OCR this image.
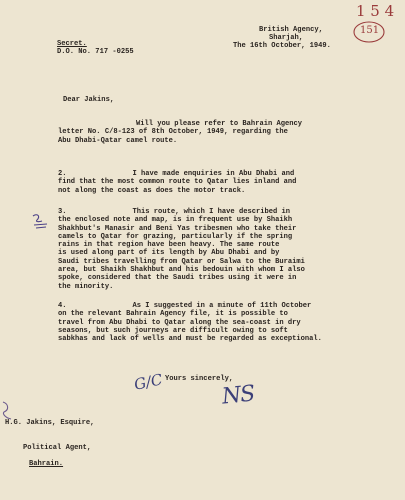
1 5 4
151
British Agency,
Sharjah,
The 16th October, 1949.
Secret.
D.O. No. 717 -0255
Dear Jakins,
Will you please refer to Bahrain Agency
letter No. C/8-123 of 8th October, 1949, regarding the
Abu Dhabi-Qatar camel route.
2.	I have made enquiries in Abu Dhabi and
find that the most common route to Qatar lies inland and
not along the coast as does the motor track.
3.	This route, which I have described in
the enclosed note and map, is in frequent use by Shaikh
Shakhbut's Manasir and Beni Yas tribesmen who take their
camels to Qatar for grazing, particularly if the spring
rains in that region have been heavy. The same route
is used along part of its length by Abu Dhabi and by
Saudi tribes travelling from Qatar or Salwa to the Buraimi
area, but Shaikh Shakhbut and his bedouin with whom I also
spoke, considered that the Saudi tribes using it were in
the minority.
4.	As I suggested in a minute of 11th October
on the relevant Bahrain Agency file, it is possible to
travel from Abu Dhabi to Qatar along the sea-coast in dry
seasons, but such journeys are difficult owing to soft
sabkhas and lack of wells and must be regarded as exceptional.
Yours sincerely,
G/C	NS
H.G. Jakins, Esquire,
Political Agent,
Bahrain.
